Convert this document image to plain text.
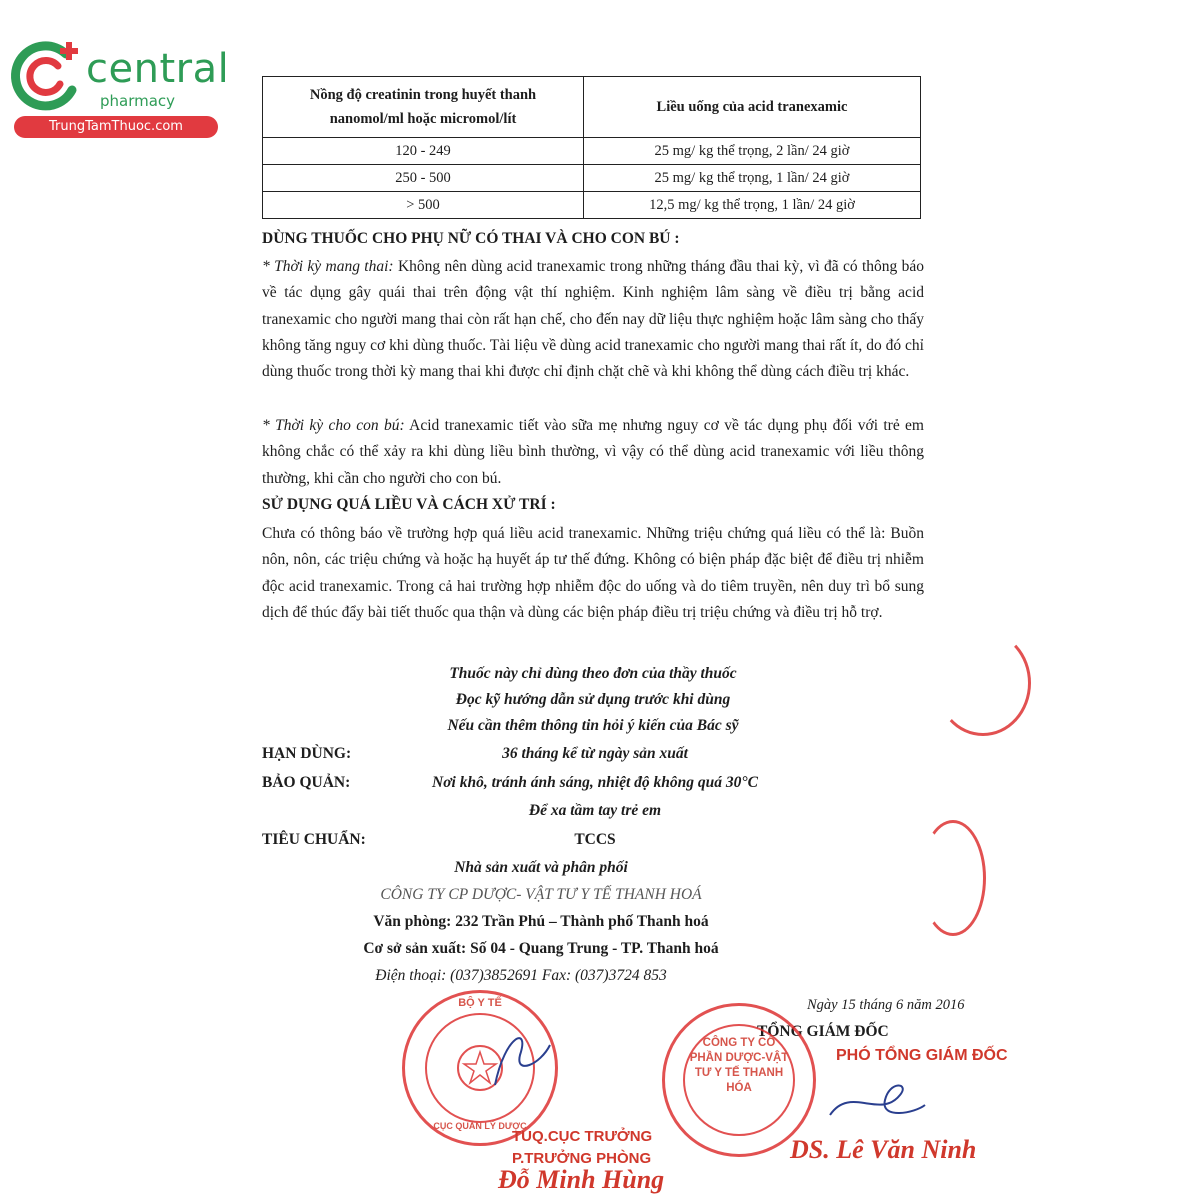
central
pharmacy
TrungTamThuoc.com
Nồng độ creatinin trong huyết thanh
nanomol/ml hoặc micromol/lít	Liều uống của acid tranexamic
120 - 249	25 mg/ kg thể trọng, 2 lần/ 24 giờ
250 - 500	25 mg/ kg thể trọng, 1 lần/ 24 giờ
> 500	12,5 mg/ kg thể trọng, 1 lần/ 24 giờ
DÙNG THUỐC CHO PHỤ NỮ CÓ THAI VÀ CHO CON BÚ :
* Thời kỳ mang thai: Không nên dùng acid tranexamic trong những tháng đầu thai kỳ, vì đã có thông báo về tác dụng gây quái thai trên động vật thí nghiệm. Kinh nghiệm lâm sàng về điều trị bằng acid tranexamic cho người mang thai còn rất hạn chế, cho đến nay dữ liệu thực nghiệm hoặc lâm sàng cho thấy không tăng nguy cơ khi dùng thuốc. Tài liệu về dùng acid tranexamic cho người mang thai rất ít, do đó chỉ dùng thuốc trong thời kỳ mang thai khi được chỉ định chặt chẽ và khi không thể dùng cách điều trị khác.
* Thời kỳ cho con bú: Acid tranexamic tiết vào sữa mẹ nhưng nguy cơ về tác dụng phụ đối với trẻ em không chắc có thể xảy ra khi dùng liều bình thường, vì vậy có thể dùng acid tranexamic với liều thông thường, khi cần cho người cho con bú.
SỬ DỤNG QUÁ LIỀU VÀ CÁCH XỬ TRÍ :
Chưa có thông báo về trường hợp quá liều acid tranexamic. Những triệu chứng quá liều có thể là: Buồn nôn, nôn, các triệu chứng và hoặc hạ huyết áp tư thế đứng. Không có biện pháp đặc biệt để điều trị nhiễm độc acid tranexamic. Trong cả hai trường hợp nhiễm độc do uống và do tiêm truyền, nên duy trì bổ sung dịch để thúc đẩy bài tiết thuốc qua thận và dùng các biện pháp điều trị triệu chứng và điều trị hỗ trợ.
Thuốc này chỉ dùng theo đơn của thầy thuốc
Đọc kỹ hướng dẫn sử dụng trước khi dùng
Nếu cần thêm thông tin hỏi ý kiến của Bác sỹ
HẠN DÙNG:	36 tháng kể từ ngày sản xuất
BẢO QUẢN:	Nơi khô, tránh ánh sáng, nhiệt độ không quá 30°C
Để xa tầm tay trẻ em
TIÊU CHUẨN:	TCCS
Nhà sản xuất và phân phối
CÔNG TY CP DƯỢC- VẬT TƯ Y TẾ THANH HOÁ
Văn phòng: 232 Trần Phú – Thành phố Thanh hoá
Cơ sở sản xuất: Số 04 - Quang Trung - TP. Thanh hoá
Điện thoại: (037)3852691 Fax: (037)3724 853
Ngày 15 tháng 6 năm 2016
TỔNG GIÁM ĐỐC
PHÓ TỔNG GIÁM ĐỐC
DS. Lê Văn Ninh
CÔNG TY CỔ PHẦN DƯỢC-VẬT TƯ Y TẾ THANH HÓA
BỘ Y TẾ
CỤC QUẢN LÝ DƯỢC
TUQ.CỤC TRƯỞNG
P.TRƯỞNG PHÒNG
Đỗ Minh Hùng
